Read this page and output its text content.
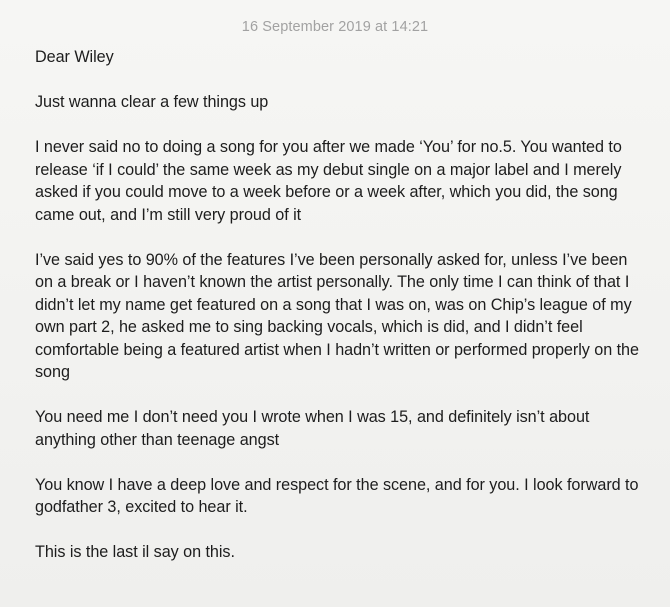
16 September 2019 at 14:21

Dear Wiley

Just wanna clear a few things up

I never said no to doing a song for you after we made ‘You’ for no.5. You wanted to release ‘if I could’ the same week as my debut single on a major label and I merely asked if you could move to a week before or a week after, which you did, the song came out, and I’m still very proud of it

I’ve said yes to 90% of the features I’ve been personally asked for, unless I’ve been on a break or I haven’t known the artist personally. The only time I can think of that I didn’t let my name get featured on a song that I was on, was on Chip’s league of my own part 2, he asked me to sing backing vocals, which is did, and I didn’t feel comfortable being a featured artist when I hadn’t written or performed properly on the song

You need me I don’t need you I wrote when I was 15, and definitely isn’t about anything other than teenage angst

You know I have a deep love and respect for the scene, and for you. I look forward to godfather 3, excited to hear it.

This is the last il say on this.
